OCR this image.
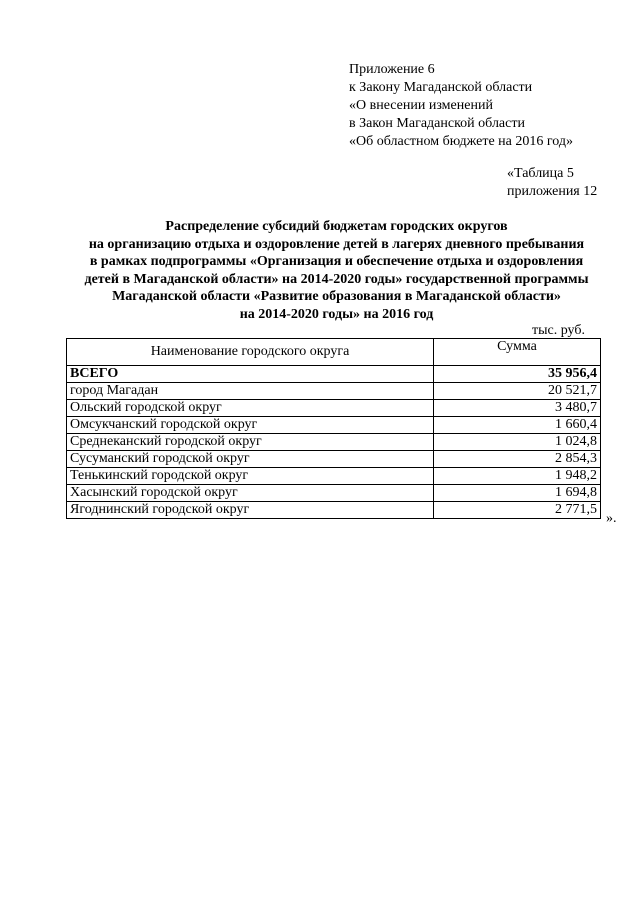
Приложение 6
к Закону Магаданской области
«О внесении изменений
в Закон Магаданской области
«Об областном бюджете на 2016 год»
«Таблица 5
приложения 12
Распределение субсидий бюджетам городских округов
на организацию отдыха и оздоровление детей в лагерях дневного пребывания
в рамках подпрограммы «Организация и обеспечение отдыха и оздоровления
детей в Магаданской области» на 2014-2020 годы» государственной программы
Магаданской области «Развитие образования в Магаданской области»
на 2014-2020 годы» на 2016 год
тыс. руб.
Наименование городского округа	Сумма
ВСЕГО	35 956,4
город Магадан	20 521,7
Ольский городской округ	3 480,7
Омсукчанский городской округ	1 660,4
Среднеканский городской округ	1 024,8
Сусуманский городской округ	2 854,3
Тенькинский городской округ	1 948,2
Хасынский городской округ	1 694,8
Ягоднинский городской округ	2 771,5
».
